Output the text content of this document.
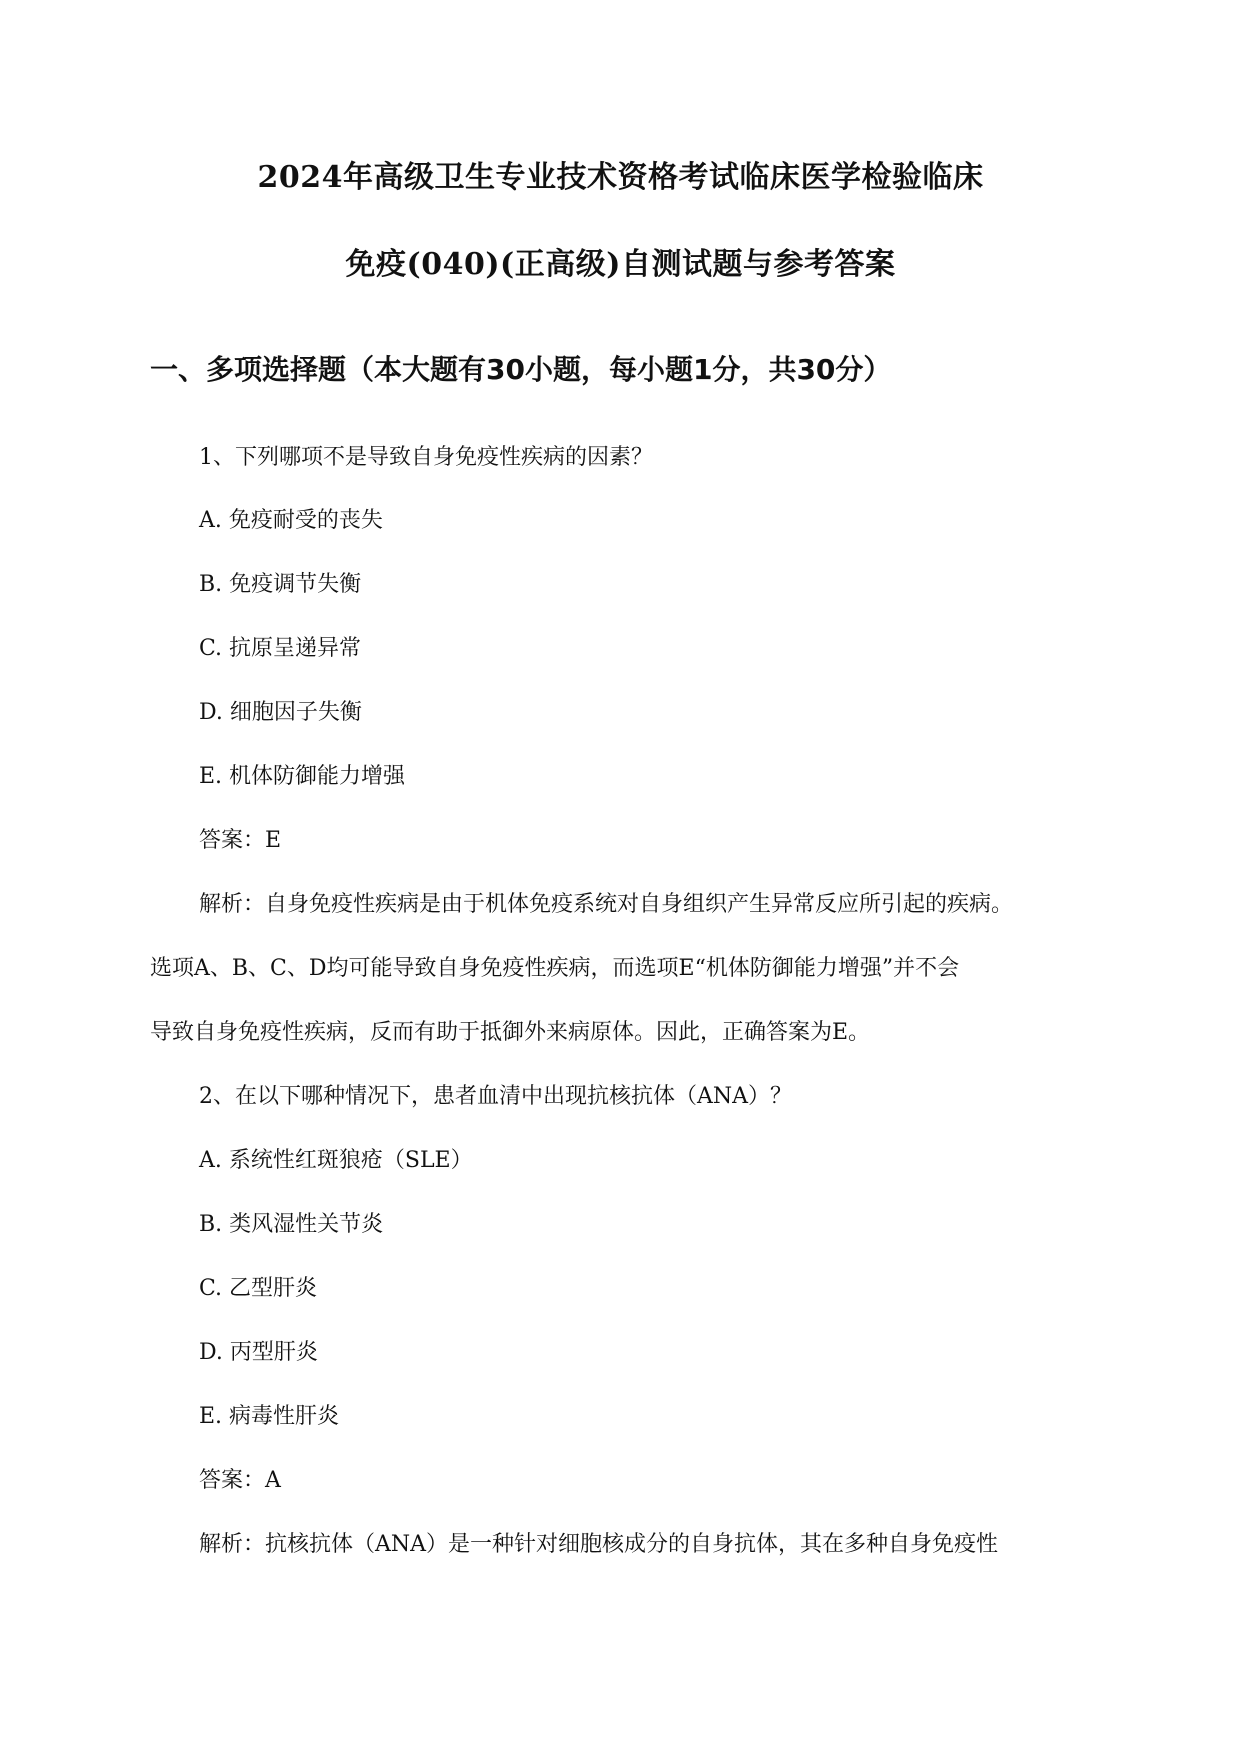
2024年高级卫生专业技术资格考试临床医学检验临床
免疫(040)(正高级)自测试题与参考答案
一、多项选择题（本大题有30小题，每小题1分，共30分）
1、下列哪项不是导致自身免疫性疾病的因素？
A. 免疫耐受的丧失
B. 免疫调节失衡
C. 抗原呈递异常
D. 细胞因子失衡
E. 机体防御能力增强
答案：E
解析：自身免疫性疾病是由于机体免疫系统对自身组织产生异常反应所引起的疾病。
选项A、B、C、D均可能导致自身免疫性疾病，而选项E“机体防御能力增强”并不会
导致自身免疫性疾病，反而有助于抵御外来病原体。因此，正确答案为E。
2、在以下哪种情况下，患者血清中出现抗核抗体（ANA）？
A. 系统性红斑狼疮（SLE）
B. 类风湿性关节炎
C. 乙型肝炎
D. 丙型肝炎
E. 病毒性肝炎
答案：A
解析：抗核抗体（ANA）是一种针对细胞核成分的自身抗体，其在多种自身免疫性
